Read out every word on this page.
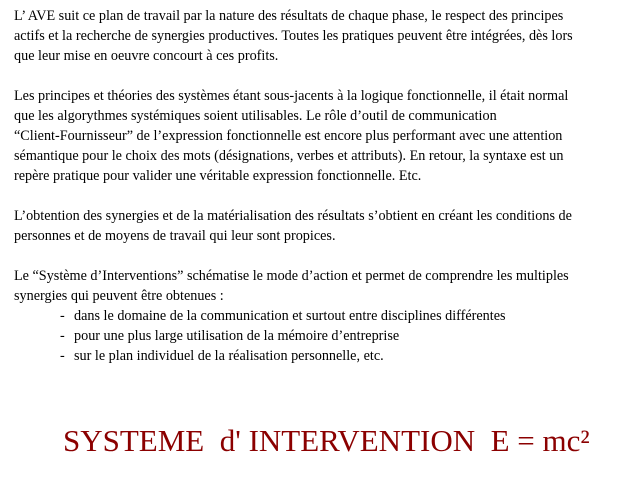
L’ AVE suit ce plan de travail par la nature des résultats de chaque phase, le respect des principes
actifs et la recherche de synergies productives. Toutes les pratiques peuvent être intégrées, dès lors
que leur mise en oeuvre concourt à ces profits.

Les principes et théories des systèmes étant sous-jacents à la logique fonctionnelle, il était normal
que les algorythmes systémiques soient utilisables. Le rôle d’outil de communication
“Client-Fournisseur” de l’expression fonctionnelle est encore plus performant avec une attention
sémantique pour le choix des mots (désignations, verbes et attributs). En retour, la syntaxe est un
repère pratique pour valider une véritable expression fonctionnelle. Etc.

L’obtention des synergies et de la matérialisation des résultats s’obtient en créant les conditions de
personnes et de moyens de travail qui leur sont propices.

Le “Système d’Interventions” schématise le mode d’action et permet de comprendre les multiples
synergies qui peuvent être obtenues :

- dans le domaine de la communication et surtout entre disciplines différentes
- pour une plus large utilisation de la mémoire d’entreprise
- sur le plan individuel de la réalisation personnelle, etc.
SYSTEME  d' INTERVENTION  E = mc²
